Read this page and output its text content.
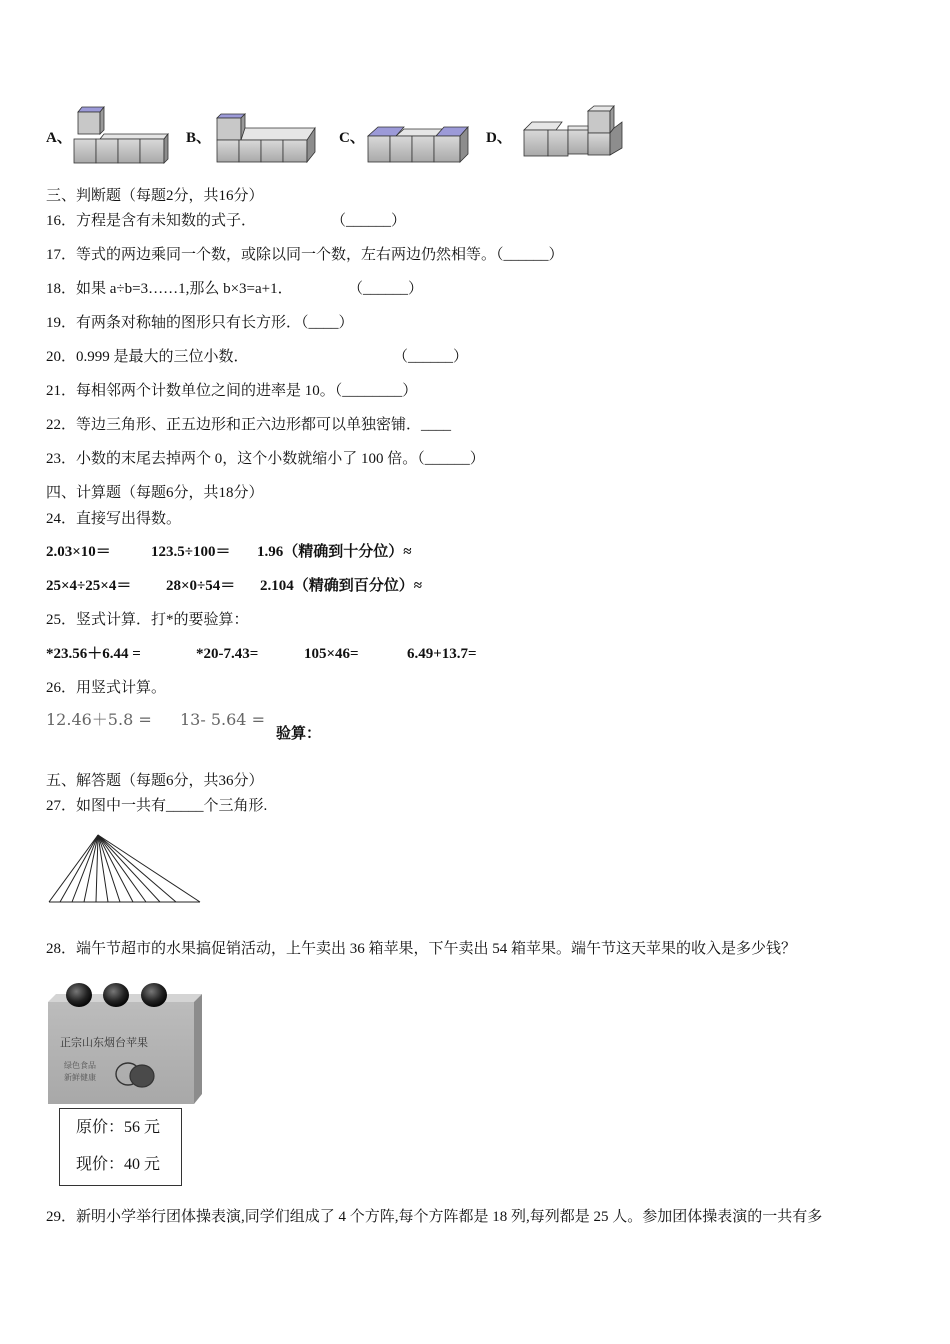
A、	B、	C、	D、
三、判断题（每题2分，共16分）
16．方程是含有未知数的式子．	（______）
17．等式的两边乘同一个数，或除以同一个数，左右两边仍然相等。（______）
18．如果 a÷b=3……1,那么 b×3=a+1．	（______）
19．有两条对称轴的图形只有长方形．（____）
20．0.999 是最大的三位小数．	（______）
21．每相邻两个计数单位之间的进率是 10。（________）
22．等边三角形、正五边形和正六边形都可以单独密铺．____
23．小数的末尾去掉两个 0，这个小数就缩小了 100 倍。（______）
四、计算题（每题6分，共18分）
24．直接写出得数。
2.03×10＝	123.5÷100＝ 1.96（精确到十分位）≈
25×4÷25×4＝ 28×0÷54＝ 2.104（精确到百分位）≈
25．竖式计算．打*的要验算：
*23.56＋6.44 =	*20-7.43=	105×46=	6.49+13.7=
26．用竖式计算。
12.46＋5.8 = 13- 5.64 =
验算：
五、解答题（每题6分，共36分）
27．如图中一共有_____个三角形.
28．端午节超市的水果搞促销活动，上午卖出 36 箱苹果，下午卖出 54 箱苹果。端午节这天苹果的收入是多少钱？
正宗山东烟台苹果
绿色食品
新鲜健康
原价：56 元
现价：40 元
29．新明小学举行团体操表演,同学们组成了 4 个方阵,每个方阵都是 18 列,每列都是 25 人。参加团体操表演的一共有多
